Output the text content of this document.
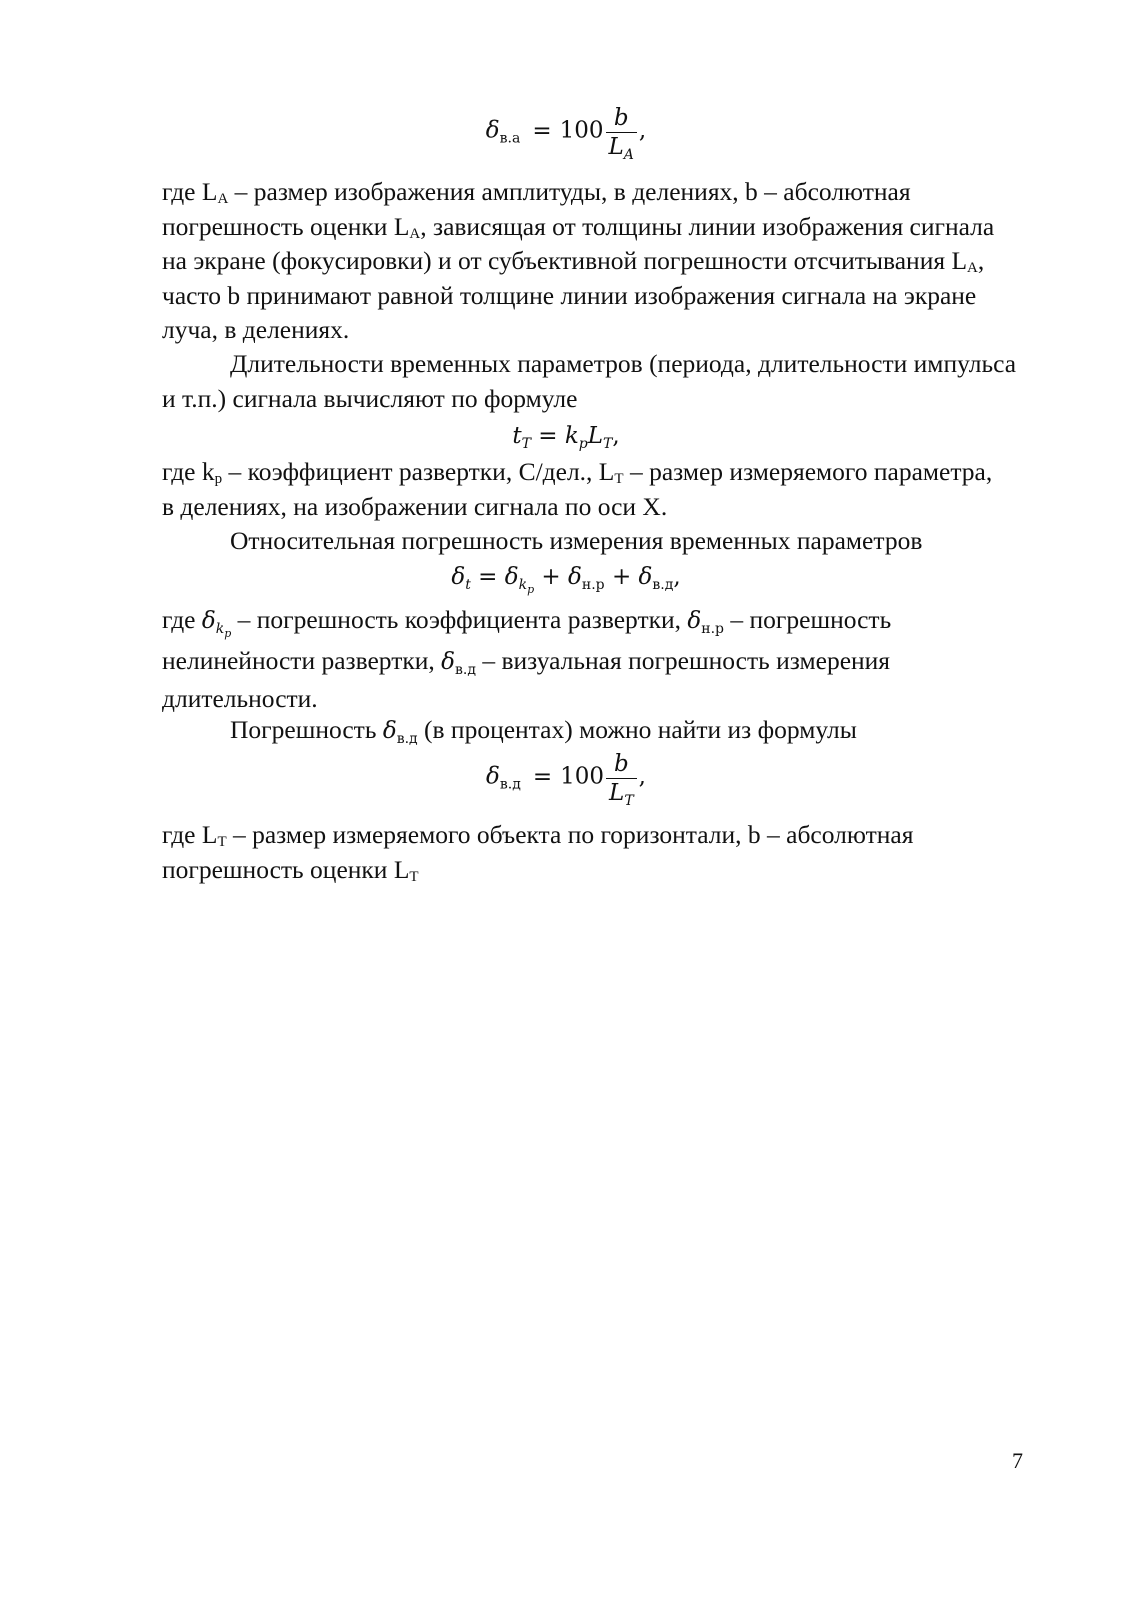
$\delta в.а = 100 \frac{b}{LA}$ ,
где $L_A$ – размер изображения амплитуды, в делениях, b – абсолютная
погрешность оценки $L_A$, зависящая от толщины линии изображения сигнала
на экране (фокусировки) и от субъективной погрешности отсчитывания $L_A$,
часто b принимают равной толщине линии изображения сигнала на экране
луча, в делениях.
Длительности временных параметров (периода, длительности импульса
и т.п.) сигнала вычисляют по формуле
tT = kpLT,
где $k_p$ – коэффициент развертки, С/дел., $L_T$ – размер измеряемого параметра,
в делениях, на изображении сигнала по оси X.
Относительная погрешность измерения временных параметров
$\delta t = \delta k_p + \delta н.р + \delta в.д$,
где $\delta k_p$ – погрешность коэффициента развертки, δн.р – погрешность
нелинейности развертки, δв.д – визуальная погрешность измерения
длительности.
Погрешность δв.д (в процентах) можно найти из формулы
$\delta в.д = 100 \frac{b}{LT}$ ,
где $L_T$ – размер измеряемого объекта по горизонтали, b – абсолютная
погрешность оценки $L_T$
7
